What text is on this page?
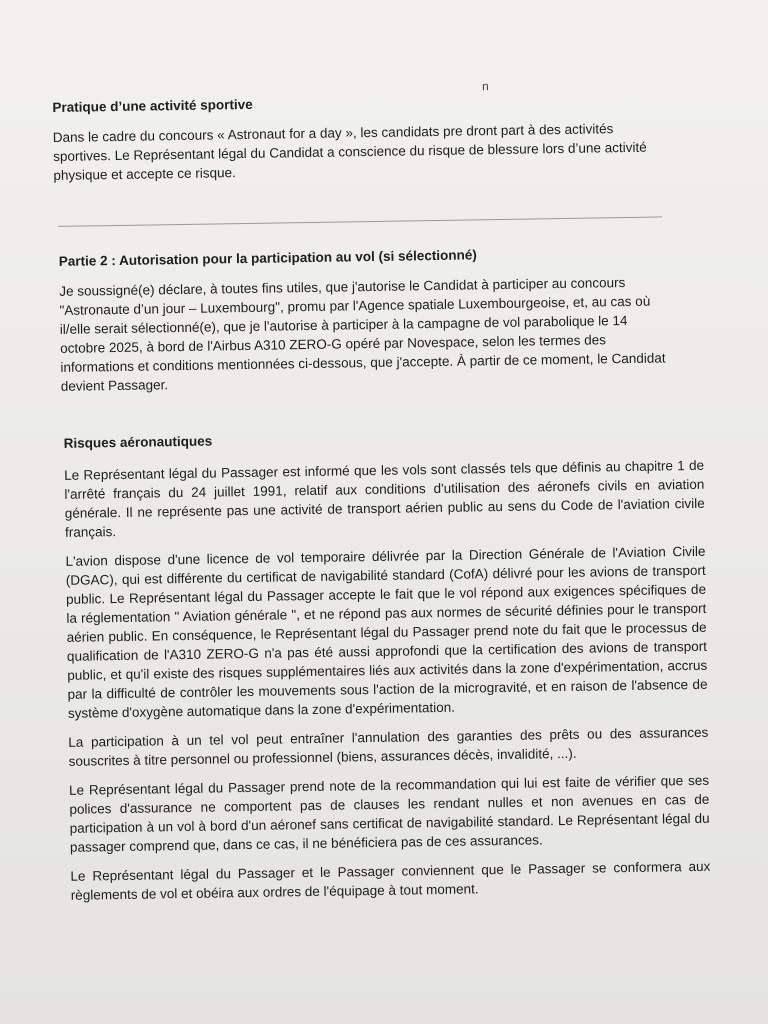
n
Pratique d’une activité sportive

Dans le cadre du concours « Astronaut for a day », les candidats pre dront part à des activités sportives. Le Représentant légal du Candidat a conscience du risque de blessure lors d’une activité physique et accepte ce risque.

Partie 2 : Autorisation pour la participation au vol (si sélectionné)

Je soussigné(e) déclare, à toutes fins utiles, que j'autorise le Candidat à participer au concours "Astronaute d’un jour – Luxembourg", promu par l'Agence spatiale Luxembourgeoise, et, au cas où il/elle serait sélectionné(e), que je l'autorise à participer à la campagne de vol parabolique le 14 octobre 2025, à bord de l'Airbus A310 ZERO-G opéré par Novespace, selon les termes des informations et conditions mentionnées ci-dessous, que j'accepte. À partir de ce moment, le Candidat devient Passager.

Risques aéronautiques

Le Représentant légal du Passager est informé que les vols sont classés tels que définis au chapitre 1 de l'arrêté français du 24 juillet 1991, relatif aux conditions d'utilisation des aéronefs civils en aviation générale. Il ne représente pas une activité de transport aérien public au sens du Code de l'aviation civile français.

L'avion dispose d'une licence de vol temporaire délivrée par la Direction Générale de l'Aviation Civile (DGAC), qui est différente du certificat de navigabilité standard (CofA) délivré pour les avions de transport public. Le Représentant légal du Passager accepte le fait que le vol répond aux exigences spécifiques de la réglementation " Aviation générale ", et ne répond pas aux normes de sécurité définies pour le transport aérien public. En conséquence, le Représentant légal du Passager prend note du fait que le processus de qualification de l'A310 ZERO-G n'a pas été aussi approfondi que la certification des avions de transport public, et qu'il existe des risques supplémentaires liés aux activités dans la zone d'expérimentation, accrus par la difficulté de contrôler les mouvements sous l'action de la microgravité, et en raison de l'absence de système d'oxygène automatique dans la zone d'expérimentation.

La participation à un tel vol peut entraîner l'annulation des garanties des prêts ou des assurances souscrites à titre personnel ou professionnel (biens, assurances décès, invalidité, ...).

Le Représentant légal du Passager prend note de la recommandation qui lui est faite de vérifier que ses polices d'assurance ne comportent pas de clauses les rendant nulles et non avenues en cas de participation à un vol à bord d'un aéronef sans certificat de navigabilité standard. Le Représentant légal du passager comprend que, dans ce cas, il ne bénéficiera pas de ces assurances.

Le Représentant légal du Passager et le Passager conviennent que le Passager se conformera aux règlements de vol et obéira aux ordres de l'équipage à tout moment.
